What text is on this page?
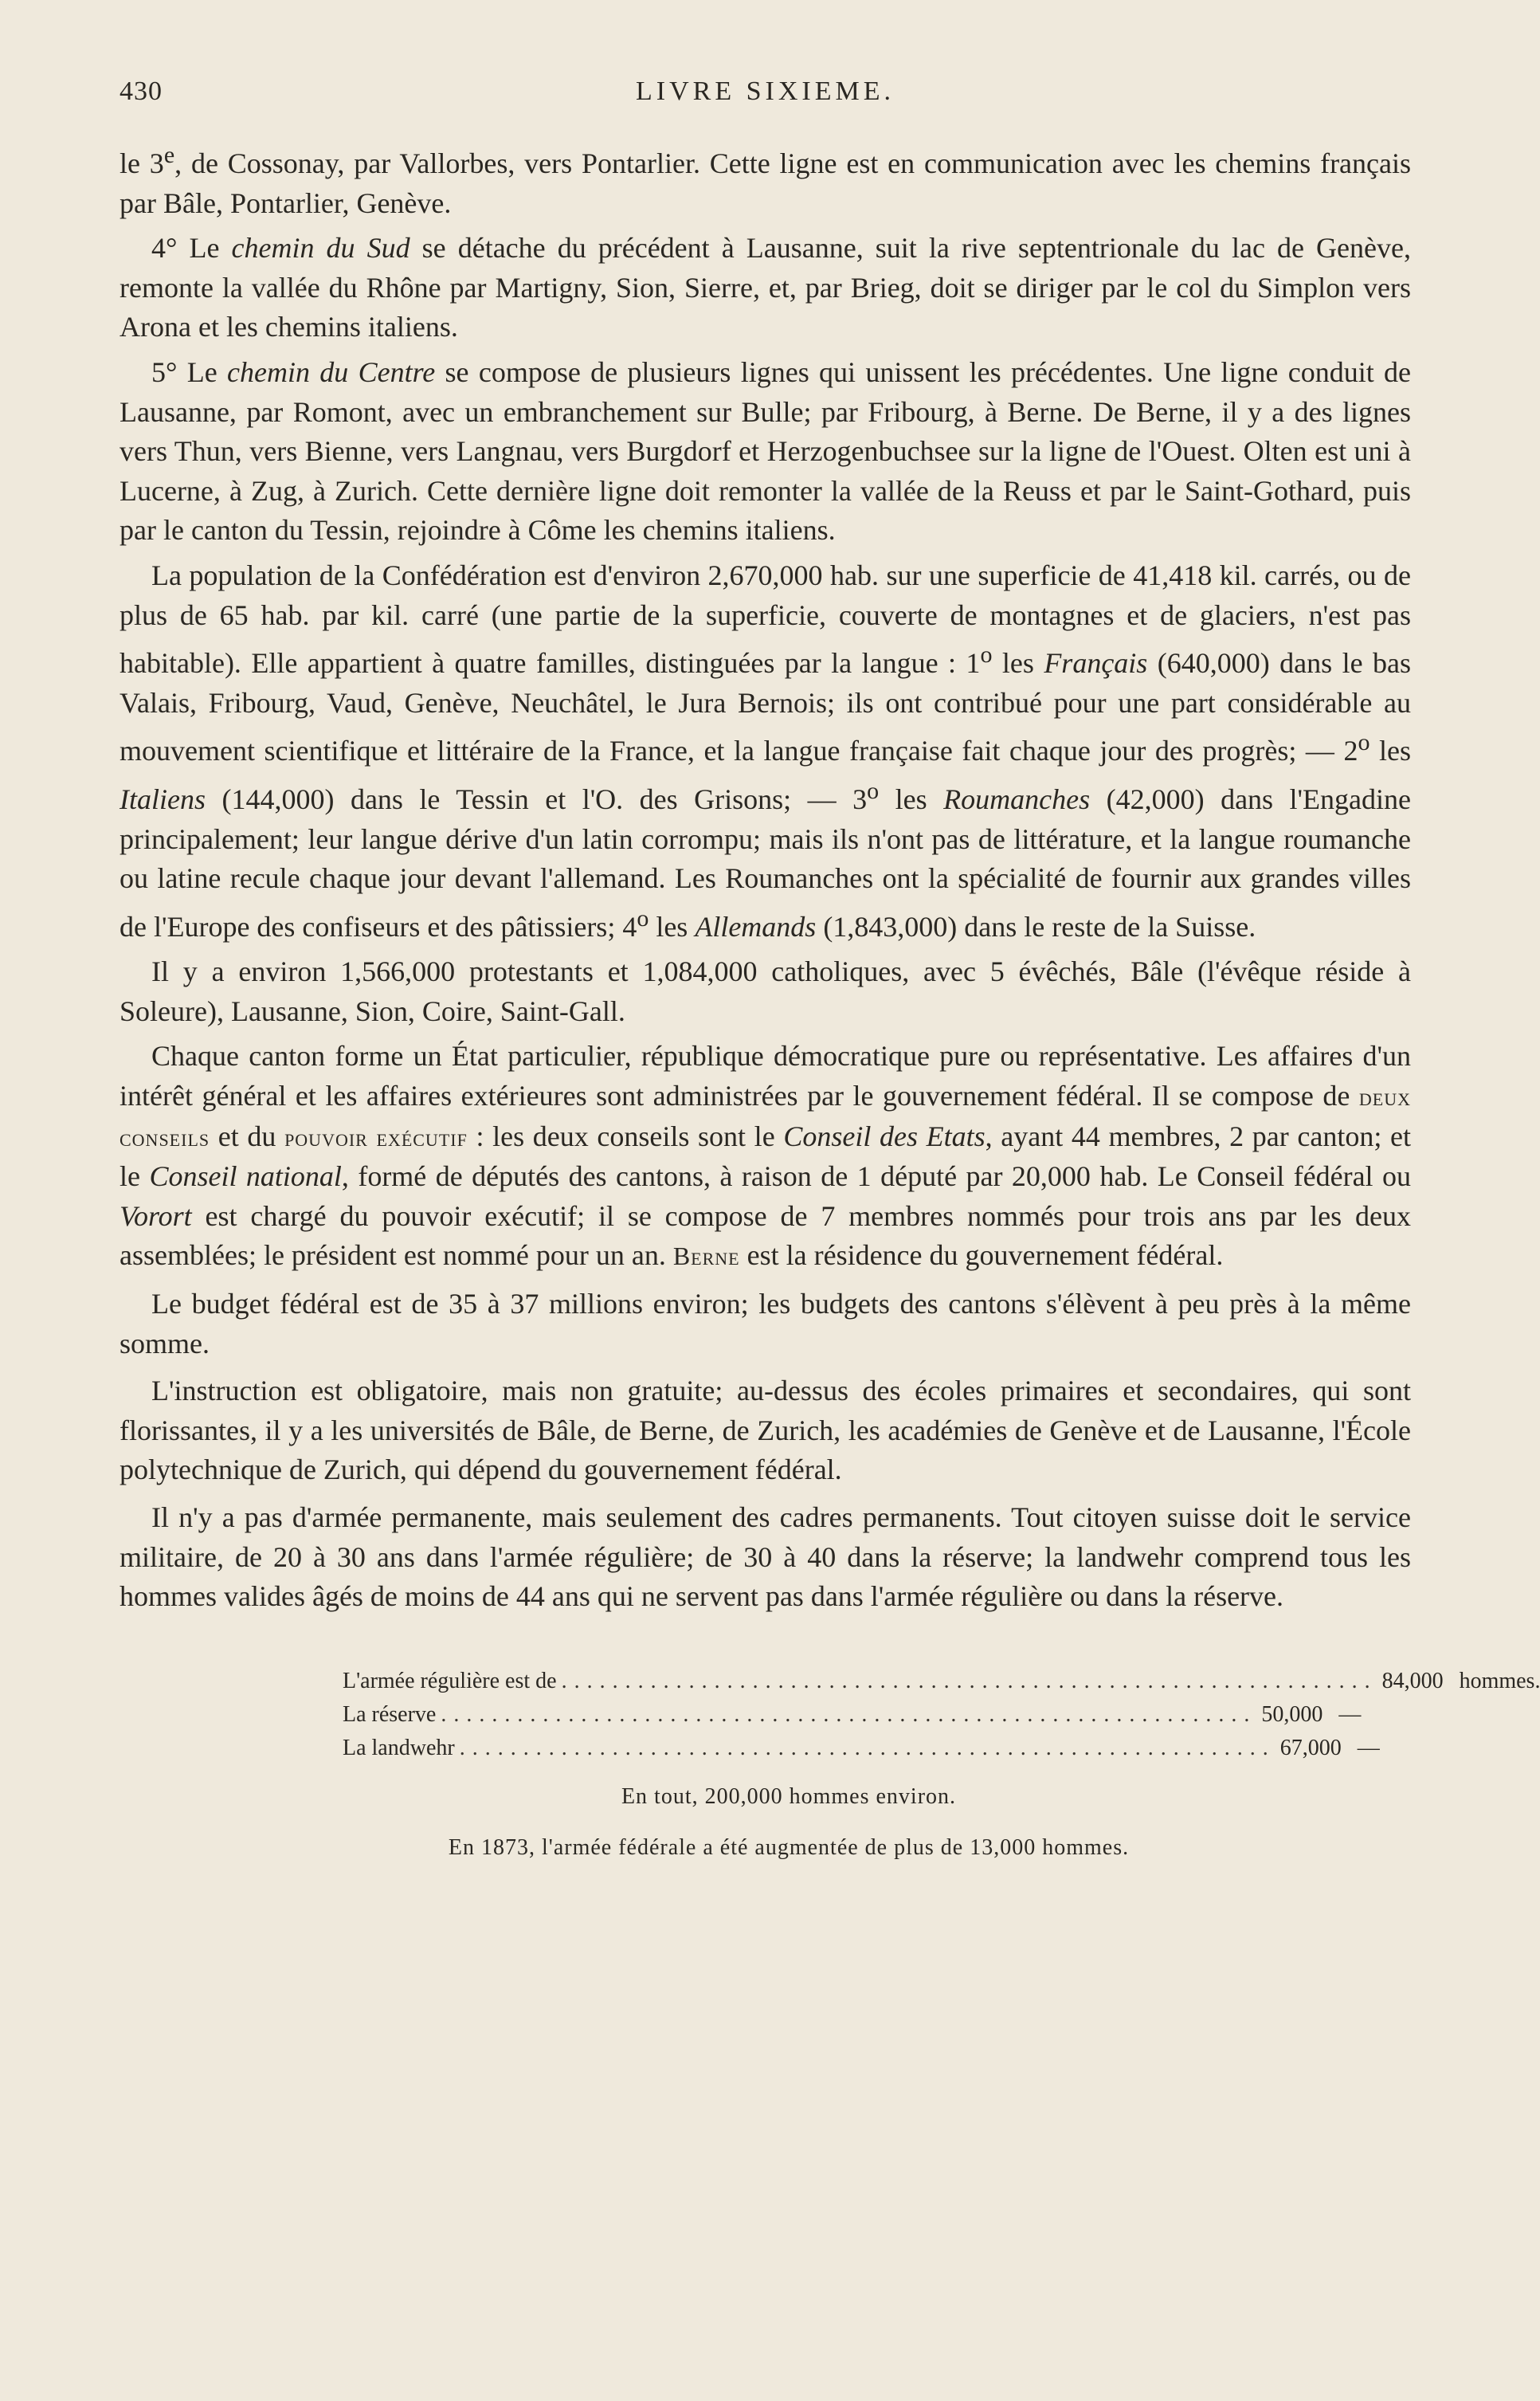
430	LIVRE SIXIEME.

le 3e, de Cossonay, par Vallorbes, vers Pontarlier. Cette ligne est en communication avec les chemins français par Bâle, Pontarlier, Genève.

4° Le chemin du Sud se détache du précédent à Lausanne, suit la rive septentrionale du lac de Genève, remonte la vallée du Rhône par Martigny, Sion, Sierre, et, par Brieg, doit se diriger par le col du Simplon vers Arona et les chemins italiens.

5° Le chemin du Centre se compose de plusieurs lignes qui unissent les précédentes. Une ligne conduit de Lausanne, par Romont, avec un embranchement sur Bulle; par Fribourg, à Berne. De Berne, il y a des lignes vers Thun, vers Bienne, vers Langnau, vers Burgdorf et Herzogenbuchsee sur la ligne de l'Ouest. Olten est uni à Lucerne, à Zug, à Zurich. Cette dernière ligne doit remonter la vallée de la Reuss et par le Saint-Gothard, puis par le canton du Tessin, rejoindre à Côme les chemins italiens.

La population de la Confédération est d'environ 2,670,000 hab. sur une superficie de 41,418 kil. carrés, ou de plus de 65 hab. par kil. carré (une partie de la superficie, couverte de montagnes et de glaciers, n'est pas habitable). Elle appartient à quatre familles, distinguées par la langue : 1$^o$ les Français (640,000) dans le bas Valais, Fribourg, Vaud, Genève, Neuchâtel, le Jura Bernois; ils ont contribué pour une part considérable au mouvement scientifique et littéraire de la France, et la langue française fait chaque jour des progrès; — 2$^o$ les Italiens (144,000) dans le Tessin et l'O. des Grisons; — 3$^o$ les Roumanches (42,000) dans l'Engadine principalement; leur langue dérive d'un latin corrompu; mais ils n'ont pas de littérature, et la langue roumanche ou latine recule chaque jour devant l'allemand. Les Roumanches ont la spécialité de fournir aux grandes villes de l'Europe des confiseurs et des pâtissiers; 4$^o$ les Allemands (1,843,000) dans le reste de la Suisse.

Il y a environ 1,566,000 protestants et 1,084,000 catholiques, avec 5 évêchés, Bâle (l'évêque réside à Soleure), Lausanne, Sion, Coire, Saint-Gall.

Chaque canton forme un État particulier, république démocratique pure ou représentative. Les affaires d'un intérêt général et les affaires extérieures sont administrées par le gouvernement fédéral. Il se compose de deux conseils et du pouvoir exécutif : les deux conseils sont le Conseil des Etats, ayant 44 membres, 2 par canton; et le Conseil national, formé de députés des cantons, à raison de 1 député par 20,000 hab. Le Conseil fédéral ou Vorort est chargé du pouvoir exécutif; il se compose de 7 membres nommés pour trois ans par les deux assemblées; le président est nommé pour un an. Berne est la résidence du gouvernement fédéral.

Le budget fédéral est de 35 à 37 millions environ; les budgets des cantons s'élèvent à peu près à la même somme.

L'instruction est obligatoire, mais non gratuite; au-dessus des écoles primaires et secondaires, qui sont florissantes, il y a les universités de Bâle, de Berne, de Zurich, les académies de Genève et de Lausanne, l'École polytechnique de Zurich, qui dépend du gouvernement fédéral.

Il n'y a pas d'armée permanente, mais seulement des cadres permanents. Tout citoyen suisse doit le service militaire, de 20 à 30 ans dans l'armée régulière; de 30 à 40 dans la réserve; la landwehr comprend tous les hommes valides âgés de moins de 44 ans qui ne servent pas dans l'armée régulière ou dans la réserve.

L'armée régulière est de ................................................................ 84,000 hommes.
La réserve ................................................................ 50,000 —
La landwehr ................................................................ 67,000 —
En tout, 200,000 hommes environ.
En 1873, l'armée fédérale a été augmentée de plus de 13,000 hommes.
